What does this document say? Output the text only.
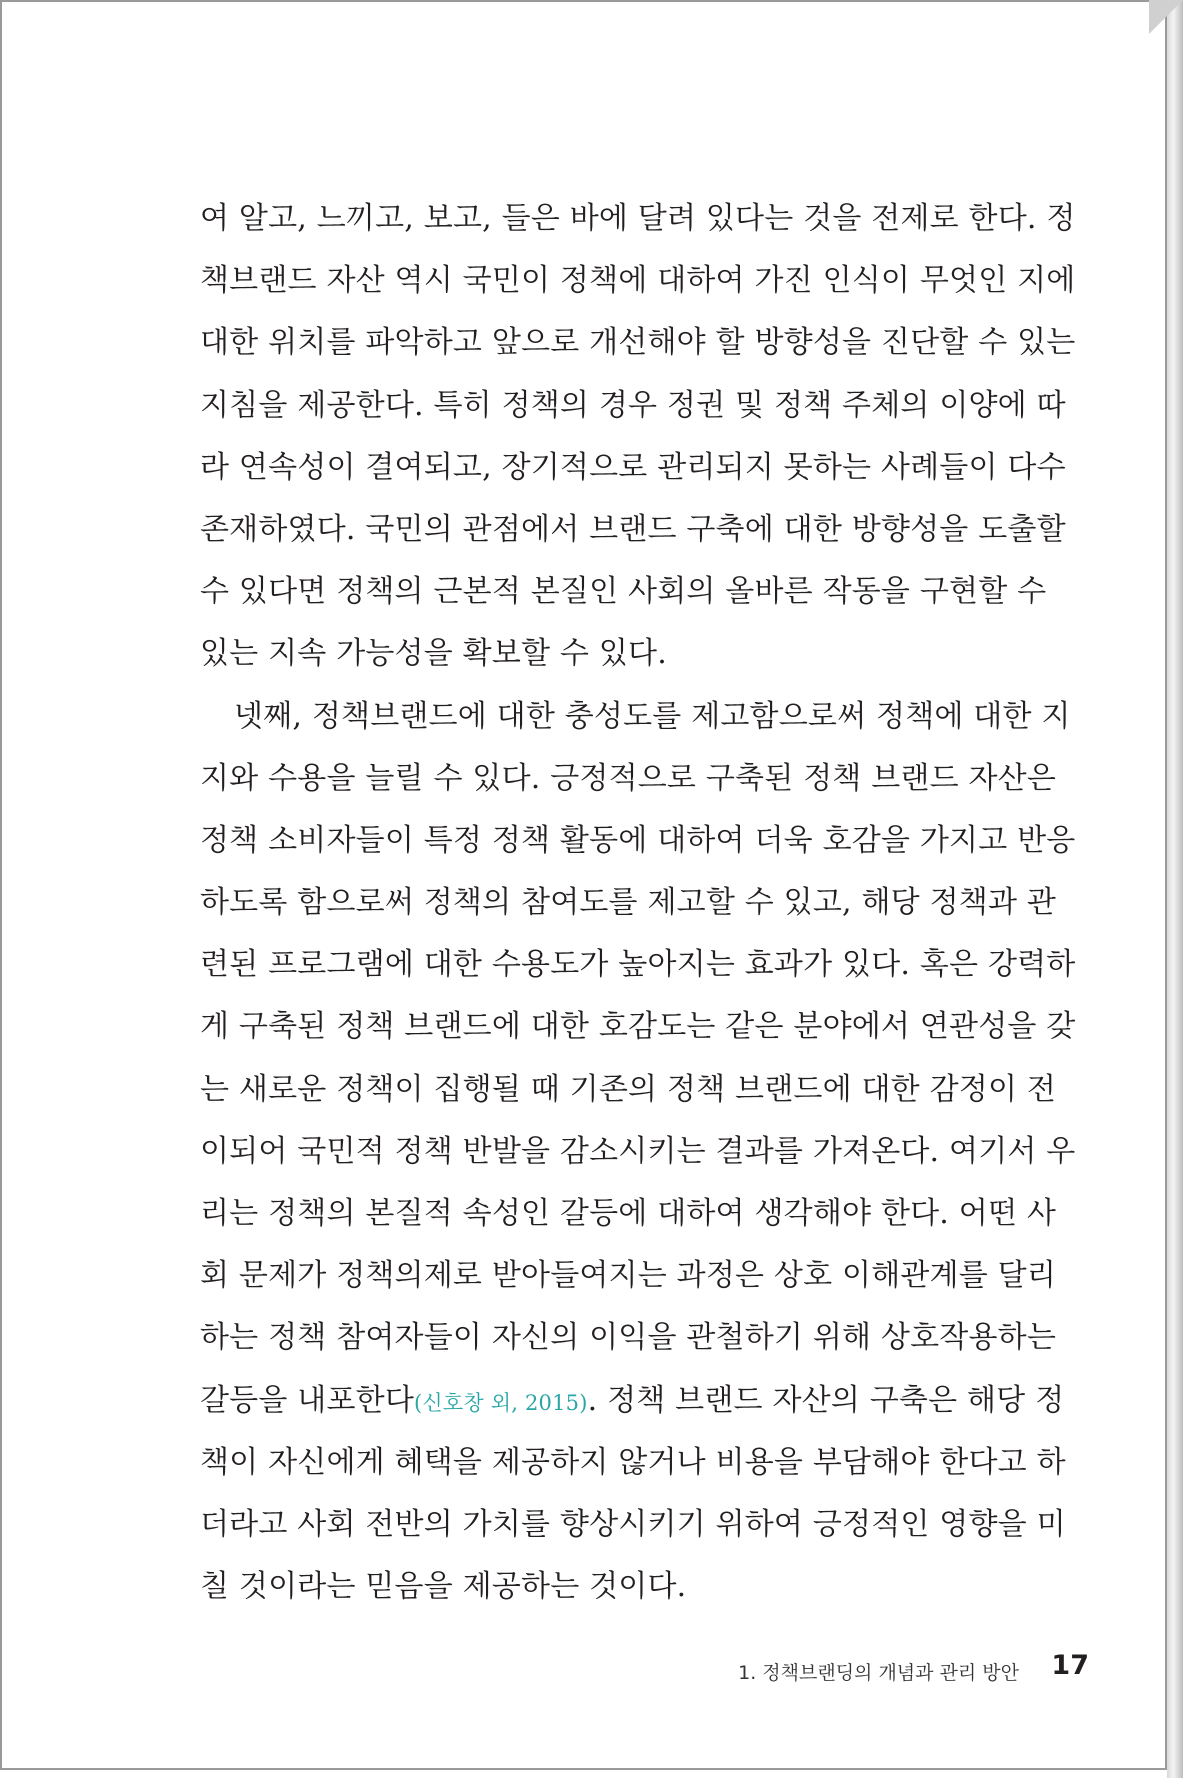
여 알고, 느끼고, 보고, 들은 바에 달려 있다는 것을 전제로 한다. 정
책브랜드 자산 역시 국민이 정책에 대하여 가진 인식이 무엇인 지에
대한 위치를 파악하고 앞으로 개선해야 할 방향성을 진단할 수 있는
지침을 제공한다. 특히 정책의 경우 정권 및 정책 주체의 이양에 따
라 연속성이 결여되고, 장기적으로 관리되지 못하는 사례들이 다수
존재하였다. 국민의 관점에서 브랜드 구축에 대한 방향성을 도출할
수 있다면 정책의 근본적 본질인 사회의 올바른 작동을 구현할 수
있는 지속 가능성을 확보할 수 있다.
넷째, 정책브랜드에 대한 충성도를 제고함으로써 정책에 대한 지
지와 수용을 늘릴 수 있다. 긍정적으로 구축된 정책 브랜드 자산은
정책 소비자들이 특정 정책 활동에 대하여 더욱 호감을 가지고 반응
하도록 함으로써 정책의 참여도를 제고할 수 있고, 해당 정책과 관
련된 프로그램에 대한 수용도가 높아지는 효과가 있다. 혹은 강력하
게 구축된 정책 브랜드에 대한 호감도는 같은 분야에서 연관성을 갖
는 새로운 정책이 집행될 때 기존의 정책 브랜드에 대한 감정이 전
이되어 국민적 정책 반발을 감소시키는 결과를 가져온다. 여기서 우
리는 정책의 본질적 속성인 갈등에 대하여 생각해야 한다. 어떤 사
회 문제가 정책의제로 받아들여지는 과정은 상호 이해관계를 달리
하는 정책 참여자들이 자신의 이익을 관철하기 위해 상호작용하는
갈등을 내포한다(신호창 외, 2015). 정책 브랜드 자산의 구축은 해당 정
책이 자신에게 혜택을 제공하지 않거나 비용을 부담해야 한다고 하
더라고 사회 전반의 가치를 향상시키기 위하여 긍정적인 영향을 미
칠 것이라는 믿음을 제공하는 것이다.
1. 정책브랜딩의 개념과 관리 방안 17
